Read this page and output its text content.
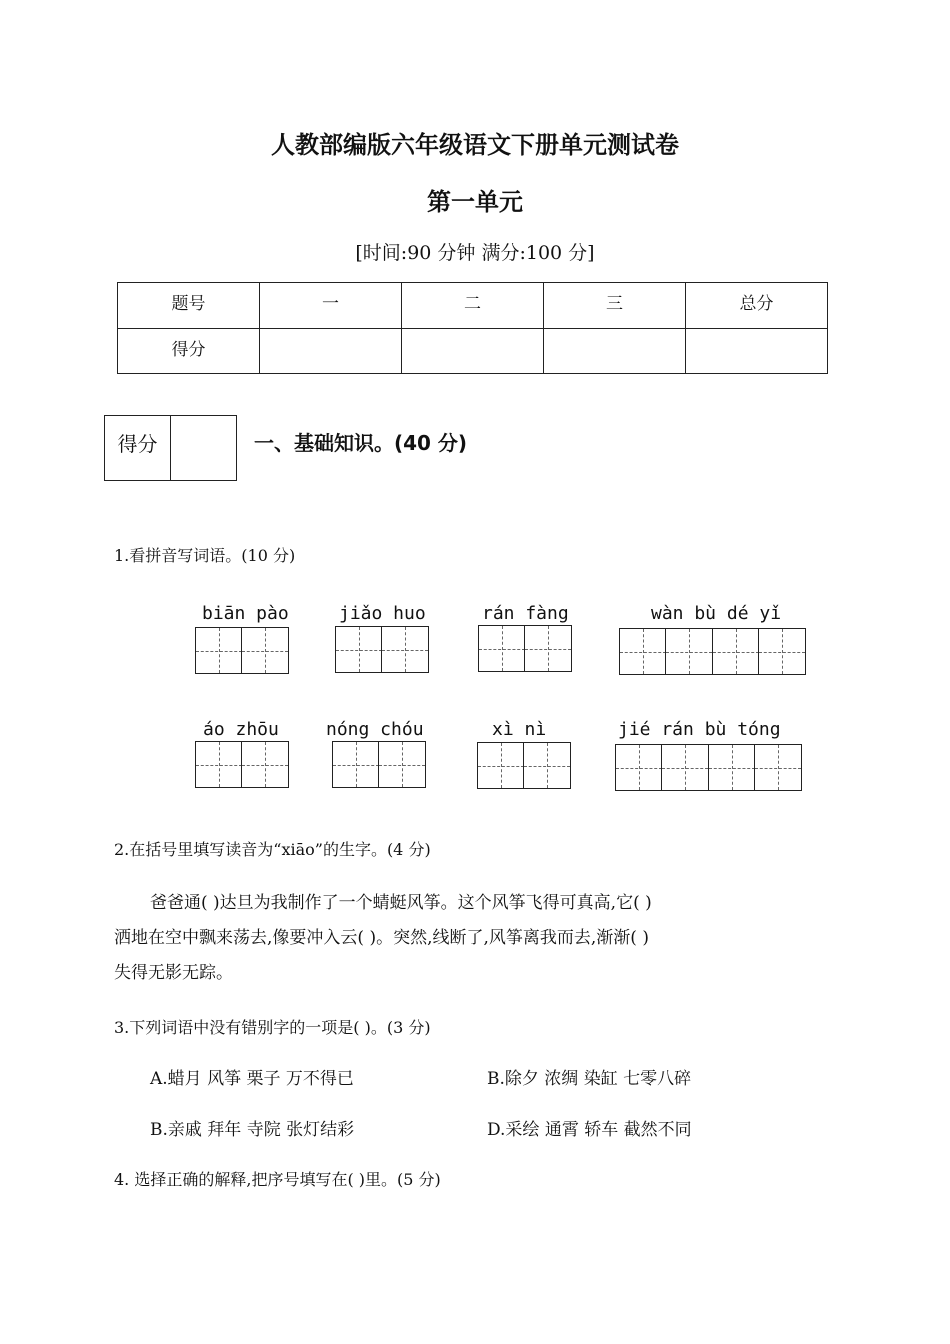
人教部编版六年级语文下册单元测试卷
第一单元
[时间:90 分钟 满分:100 分]
题号	一	二	三	总分
得分				
得分	一、基础知识。(40 分)
1.看拼音写词语。(10 分)
biān pào	jiǎo huo	rán fàng	wàn bù dé yǐ
áo zhōu	nóng chóu	xì nì	jié rán bù tóng
2.在括号里填写读音为“xiāo”的生字。(4 分)
爸爸通( )达旦为我制作了一个蜻蜓风筝。这个风筝飞得可真高,它( )
洒地在空中飘来荡去,像要冲入云( )。突然,线断了,风筝离我而去,渐渐( )
失得无影无踪。
3.下列词语中没有错别字的一项是( )。(3 分)
A.蜡月 风筝 栗子 万不得已	B.除夕 浓绸 染缸 七零八碎
B.亲戚 拜年 寺院 张灯结彩	D.采绘 通霄 轿车 截然不同
4. 选择正确的解释,把序号填写在( )里。(5 分)
